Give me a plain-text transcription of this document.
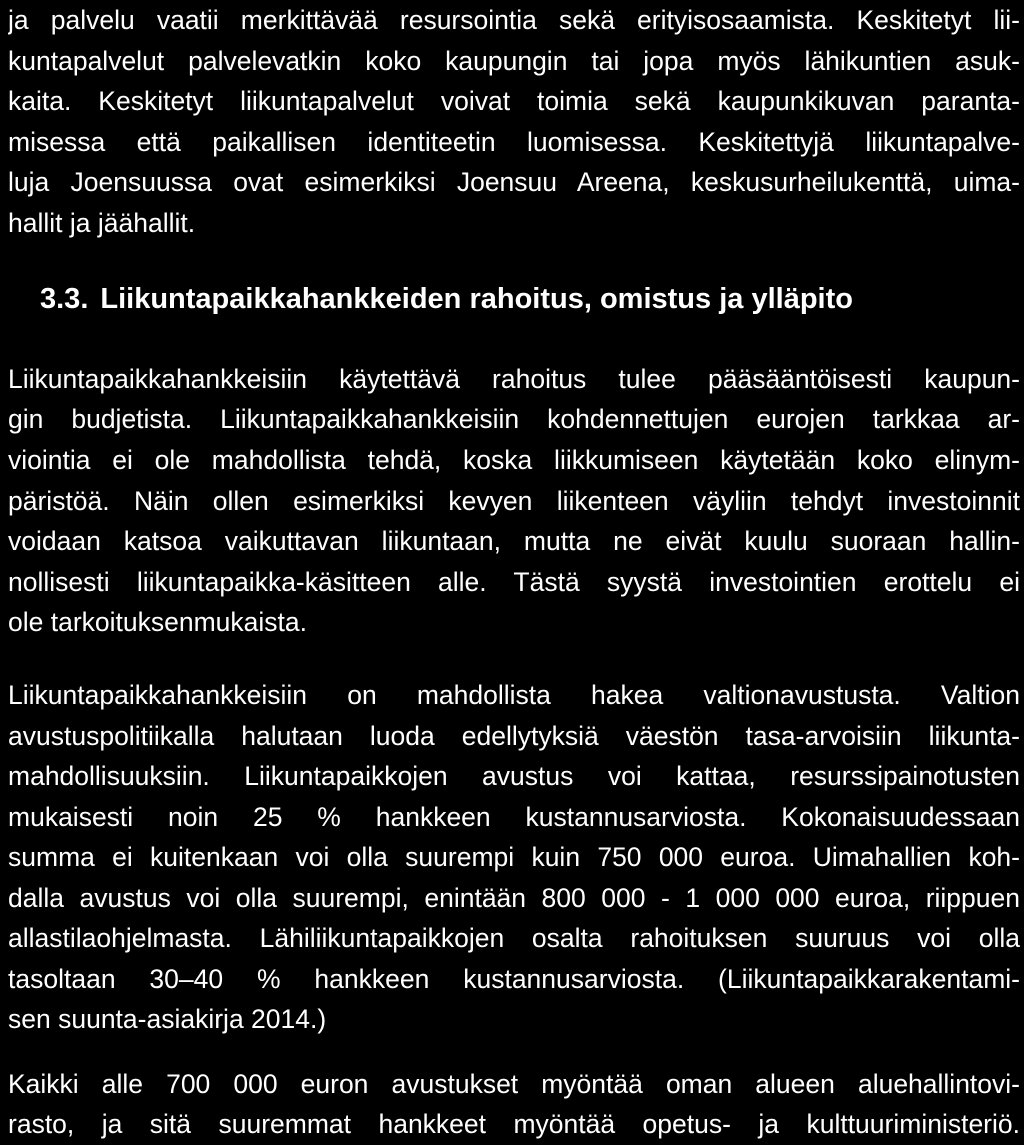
ja palvelu vaatii merkittävää resursointia sekä erityisosaamista. Keskitetyt lii-
kuntapalvelut palvelevatkin koko kaupungin tai jopa myös lähikuntien asuk-
kaita. Keskitetyt liikuntapalvelut voivat toimia sekä kaupunkikuvan paranta-
misessa että paikallisen identiteetin luomisessa. Keskitettyjä liikuntapalve-
luja Joensuussa ovat esimerkiksi Joensuu Areena, keskusurheilukenttä, uima-
hallit ja jäähallit.
3.3. Liikuntapaikkahankkeiden rahoitus, omistus ja ylläpito
Liikuntapaikkahankkeisiin käytettävä rahoitus tulee pääsääntöisesti kaupun-
gin budjetista. Liikuntapaikkahankkeisiin kohdennettujen eurojen tarkkaa ar-
viointia ei ole mahdollista tehdä, koska liikkumiseen käytetään koko elinym-
päristöä. Näin ollen esimerkiksi kevyen liikenteen väyliin tehdyt investoinnit
voidaan katsoa vaikuttavan liikuntaan, mutta ne eivät kuulu suoraan hallin-
nollisesti liikuntapaikka-käsitteen alle. Tästä syystä investointien erottelu ei
ole tarkoituksenmukaista.
Liikuntapaikkahankkeisiin on mahdollista hakea valtionavustusta. Valtion
avustuspolitiikalla halutaan luoda edellytyksiä väestön tasa-arvoisiin liikunta-
mahdollisuuksiin. Liikuntapaikkojen avustus voi kattaa, resurssipainotusten
mukaisesti noin 25 % hankkeen kustannusarviosta. Kokonaisuudessaan
summa ei kuitenkaan voi olla suurempi kuin 750 000 euroa. Uimahallien koh-
dalla avustus voi olla suurempi, enintään 800 000 - 1 000 000 euroa, riippuen
allastilaohjelmasta. Lähiliikuntapaikkojen osalta rahoituksen suuruus voi olla
tasoltaan 30–40 % hankkeen kustannusarviosta. (Liikuntapaikkarakentami-
sen suunta-asiakirja 2014.)
Kaikki alle 700 000 euron avustukset myöntää oman alueen aluehallintovi-
rasto, ja sitä suuremmat hankkeet myöntää opetus- ja kulttuuriministeriö.
